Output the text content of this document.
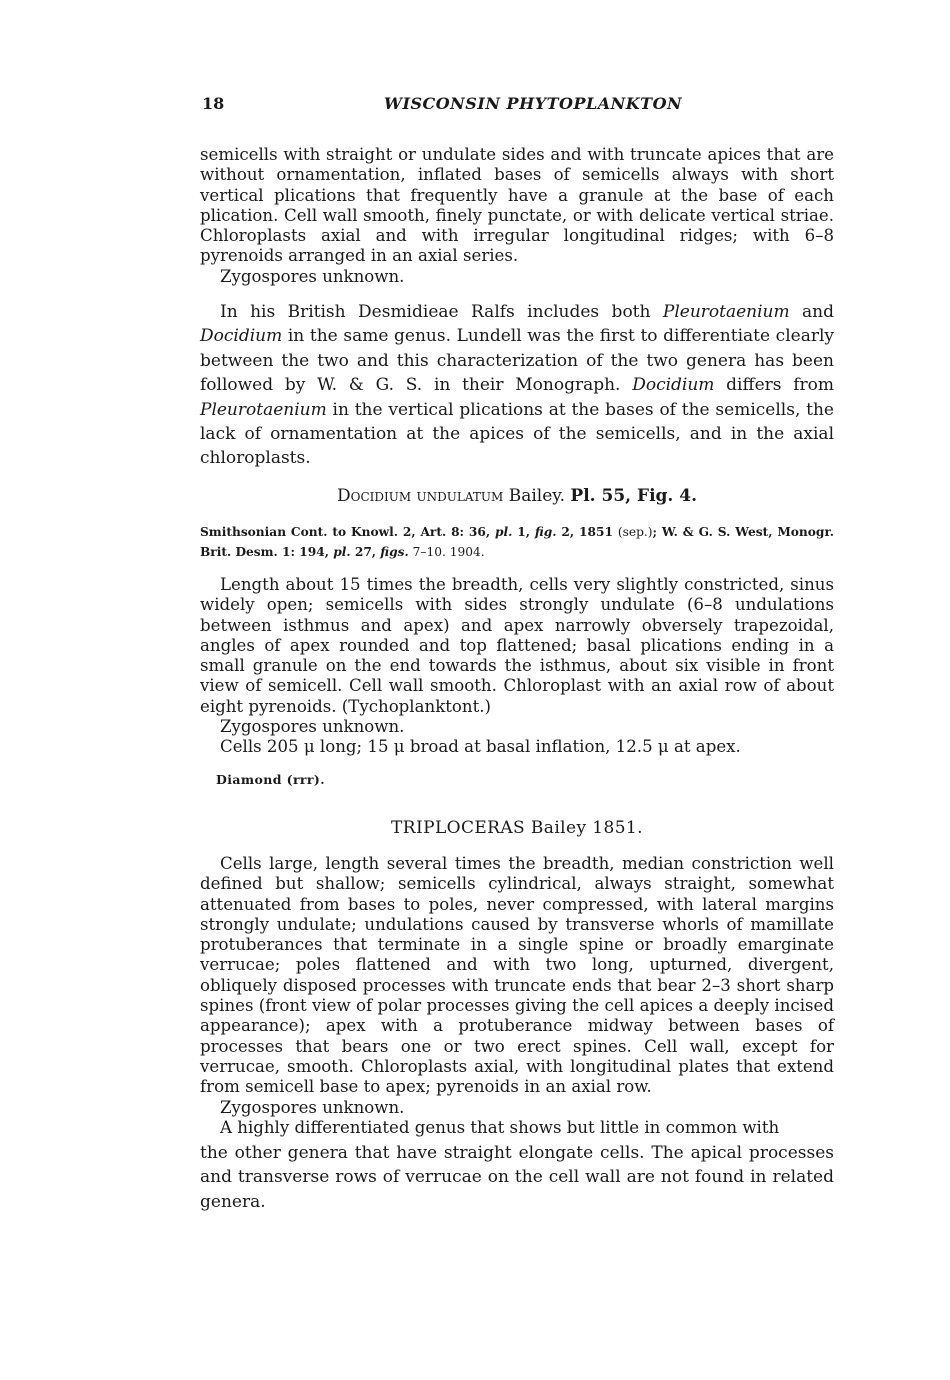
18	WISCONSIN PHYTOPLANKTON
semicells with straight or undulate sides and with truncate apices that are without ornamentation, inflated bases of semicells always with short vertical plications that frequently have a granule at the base of each plication. Cell wall smooth, finely punctate, or with delicate vertical striae. Chloroplasts axial and with irregular longitudinal ridges; with 6–8 pyrenoids arranged in an axial series.
Zygospores unknown.
In his British Desmidieae Ralfs includes both Pleurotaenium and Docidium in the same genus. Lundell was the first to differentiate clearly between the two and this characterization of the two genera has been followed by W. & G. S. in their Monograph. Docidium differs from Pleurotaenium in the vertical plications at the bases of the semicells, the lack of ornamentation at the apices of the semicells, and in the axial chloroplasts.
Docidium undulatum Bailey. Pl. 55, Fig. 4.
Smithsonian Cont. to Knowl. 2, Art. 8: 36, pl. 1, fig. 2, 1851 (sep.); W. & G. S. West, Monogr. Brit. Desm. 1: 194, pl. 27, figs. 7–10. 1904.
Length about 15 times the breadth, cells very slightly constricted, sinus widely open; semicells with sides strongly undulate (6–8 undulations between isthmus and apex) and apex narrowly obversely trapezoidal, angles of apex rounded and top flattened; basal plications ending in a small granule on the end towards the isthmus, about six visible in front view of semicell. Cell wall smooth. Chloroplast with an axial row of about eight pyrenoids. (Tychoplanktont.)
Zygospores unknown.
Cells 205 μ long; 15 μ broad at basal inflation, 12.5 μ at apex.
Diamond (rrr).
TRIPLOCERAS Bailey 1851.
Cells large, length several times the breadth, median constriction well defined but shallow; semicells cylindrical, always straight, somewhat attenuated from bases to poles, never compressed, with lateral margins strongly undulate; undulations caused by transverse whorls of mamillate protuberances that terminate in a single spine or broadly emarginate verrucae; poles flattened and with two long, upturned, divergent, obliquely disposed processes with truncate ends that bear 2–3 short sharp spines (front view of polar processes giving the cell apices a deeply incised appearance); apex with a protuberance midway between bases of processes that bears one or two erect spines. Cell wall, except for verrucae, smooth. Chloroplasts axial, with longitudinal plates that extend from semicell base to apex; pyrenoids in an axial row.
Zygospores unknown.
A highly differentiated genus that shows but little in common with
the other genera that have straight elongate cells. The apical processes and transverse rows of verrucae on the cell wall are not found in related genera.
